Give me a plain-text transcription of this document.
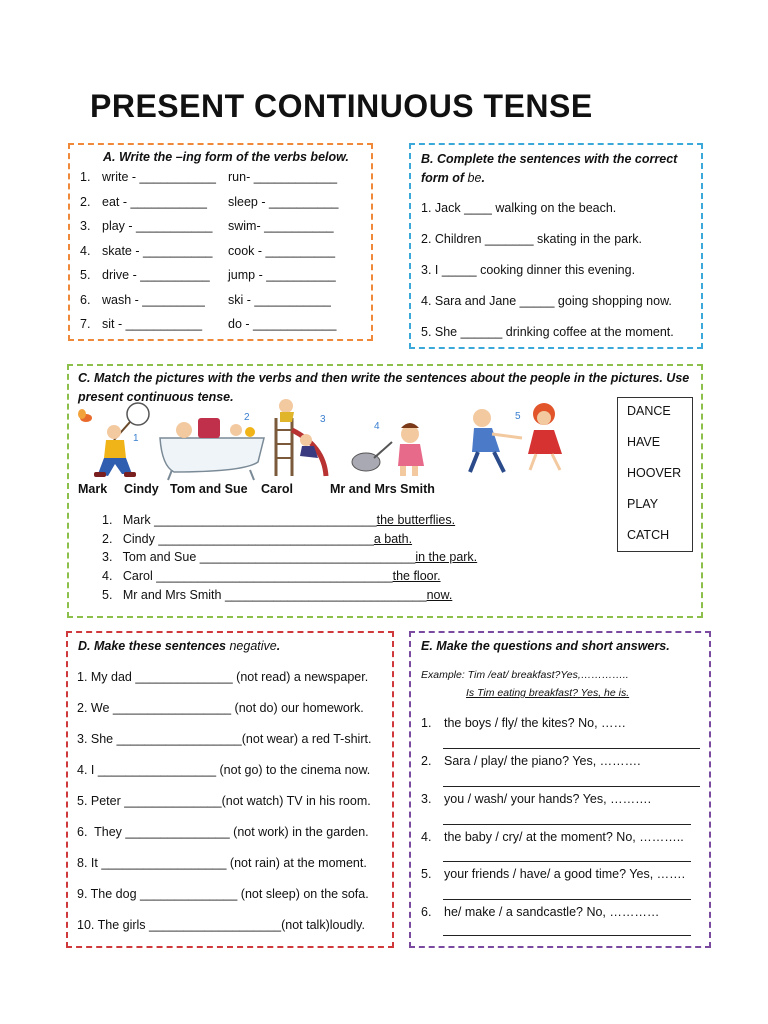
PRESENT CONTINUOUS TENSE
A. Write the –ing form of the verbs below.
1. write - ___________ run- ____________
2. eat - ___________ sleep - __________
3. play - ___________ swim- __________
4. skate - __________ cook - __________
5. drive - __________ jump - __________
6. wash - _________ ski - ___________
7. sit - ___________ do - ____________
B. Complete the sentences with the correct
form of be.
1. Jack ____ walking on the beach.
2. Children _______ skating in the park.
3. I _____ cooking dinner this evening.
4. Sara and Jane _____ going shopping now.
5. She ______ drinking coffee at the moment.
C. Match the pictures with the verbs and then write the sentences about the people in the pictures. Use
present continuous tense.
1
2	3
4
5
Mark Cindy Tom and Sue Carol	Mr and Mrs Smith
DANCE
HAVE
HOOVER
PLAY
CATCH
1. Mark ________________________________the butterflies.
2. Cindy _______________________________a bath.
3. Tom and Sue _______________________________in the park.
4. Carol __________________________________the floor.
5. Mr and Mrs Smith _____________________________now.
D. Make these sentences negative.
1. My dad ______________ (not read) a newspaper.
2. We _________________ (not do) our homework.
3. She __________________(not wear) a red T-shirt.
4. I _________________ (not go) to the cinema now.
5. Peter ______________(not watch) TV in his room.
6.  They _______________ (not work) in the garden.
8. It __________________ (not rain) at the moment.
9. The dog ______________ (not sleep) on the sofa.
10. The girls ___________________(not talk)loudly.
E. Make the questions and short answers.
Example: Tim /eat/ breakfast?Yes,…………..
Is Tim eating breakfast? Yes, he is.
1. the boys / fly/ the kites? No, ……
2. Sara / play/ the piano? Yes, ……….
3. you / wash/ your hands? Yes, ……….
4. the baby / cry/ at the moment? No, ………..
5. your friends / have/ a good time? Yes, …….
6. he/ make / a sandcastle? No, …………
